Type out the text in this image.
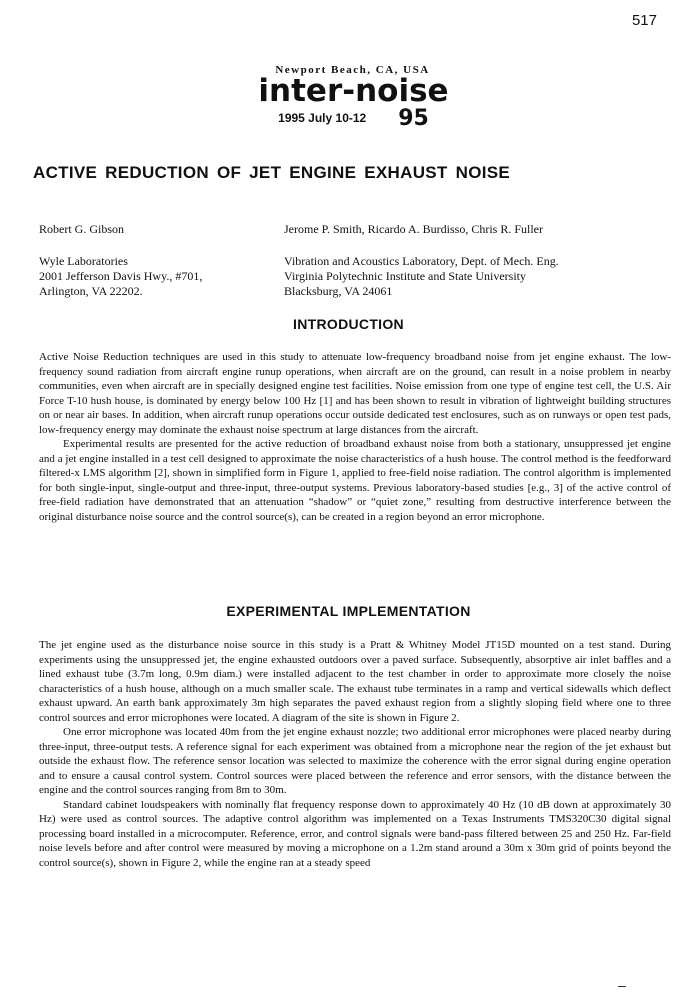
517
Newport Beach, CA, USA
inter-noise
1995 July 10-12 95
ACTIVE REDUCTION OF JET ENGINE EXHAUST NOISE
Robert G. Gibson
Wyle Laboratories
2001 Jefferson Davis Hwy., #701,
Arlington, VA 22202.
Jerome P. Smith, Ricardo A. Burdisso, Chris R. Fuller
Vibration and Acoustics Laboratory, Dept. of Mech. Eng.
Virginia Polytechnic Institute and State University
Blacksburg, VA 24061
INTRODUCTION

Active Noise Reduction techniques are used in this study to attenuate low-frequency broadband noise from jet engine exhaust. The low-frequency sound radiation from aircraft engine runup operations, when aircraft are on the ground, can result in a noise problem in nearby communities, even when aircraft are in specially designed engine test facilities. Noise emission from one type of engine test cell, the U.S. Air Force T-10 hush house, is dominated by energy below 100 Hz [1] and has been shown to result in vibration of lightweight building structures on or near air bases. In addition, when aircraft runup operations occur outside dedicated test enclosures, such as on runways or open test pads, low-frequency energy may dominate the exhaust noise spectrum at large distances from the aircraft.

Experimental results are presented for the active reduction of broadband exhaust noise from both a stationary, unsuppressed jet engine and a jet engine installed in a test cell designed to approximate the noise characteristics of a hush house. The control method is the feedforward filtered-x LMS algorithm [2], shown in simplified form in Figure 1, applied to free-field noise radiation. The control algorithm is implemented for both single-input, single-output and three-input, three-output systems. Previous laboratory-based studies [e.g., 3] of the active control of free-field radiation have demonstrated that an attenuation “shadow” or “quiet zone,” resulting from destructive interference between the original disturbance noise source and the control source(s), can be created in a region beyond an error microphone.

EXPERIMENTAL IMPLEMENTATION

The jet engine used as the disturbance noise source in this study is a Pratt & Whitney Model JT15D mounted on a test stand. During experiments using the unsuppressed jet, the engine exhausted outdoors over a paved surface. Subsequently, absorptive air inlet baffles and a lined exhaust tube (3.7m long, 0.9m diam.) were installed adjacent to the test chamber in order to approximate more closely the noise characteristics of a hush house, although on a much smaller scale. The exhaust tube terminates in a ramp and vertical sidewalls which deflect exhaust upward. An earth bank approximately 3m high separates the paved exhaust region from a slightly sloping field where one to three control sources and error microphones were located. A diagram of the site is shown in Figure 2.

One error microphone was located 40m from the jet engine exhaust nozzle; two additional error microphones were placed nearby during three-input, three-output tests. A reference signal for each experiment was obtained from a microphone near the region of the jet exhaust but outside the exhaust flow. The reference sensor location was selected to maximize the coherence with the error signal during engine operation and to ensure a causal control system. Control sources were placed between the reference and error sensors, with the distance between the engine and the control sources ranging from 8m to 30m.

Standard cabinet loudspeakers with nominally flat frequency response down to approximately 40 Hz (10 dB down at approximately 30 Hz) were used as control sources. The adaptive control algorithm was implemented on a Texas Instruments TMS320C30 digital signal processing board installed in a microcomputer. Reference, error, and control signals were band-pass filtered between 25 and 250 Hz. Far-field noise levels before and after control were measured by moving a microphone on a 1.2m stand around a 30m x 30m grid of points beyond the control source(s), shown in Figure 2, while the engine ran at a steady speed
